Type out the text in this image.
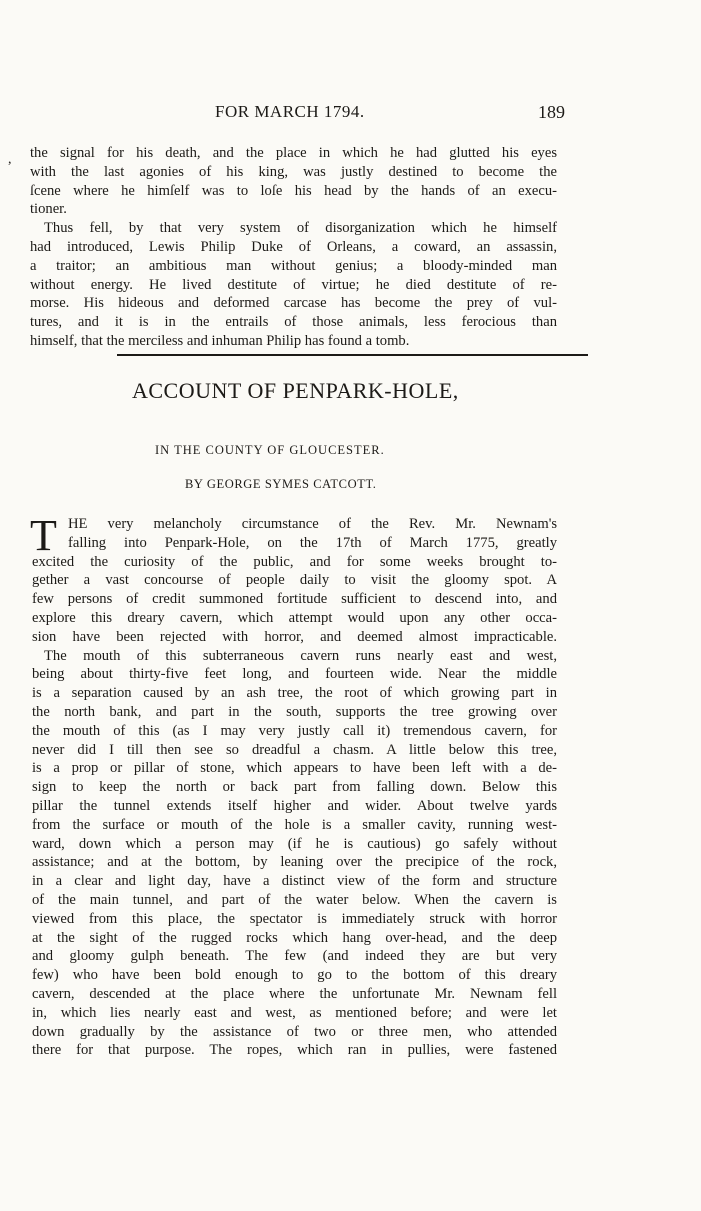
FOR MARCH 1794.	189
,	the signal for his death, and the place in which he had glutted his eyes
with the last agonies of his king, was justly destined to become the
ſcene where he himſelf was to loſe his head by the hands of an execu-
tioner.
Thus fell, by that very system of disorganization which he himself
had introduced, Lewis Philip Duke of Orleans, a coward, an assassin,
a traitor; an ambitious man without genius; a bloody-minded man
without energy. He lived destitute of virtue; he died destitute of re-
morse. His hideous and deformed carcase has become the prey of vul-
tures, and it is in the entrails of those animals, less ferocious than
himself, that the merciless and inhuman Philip has found a tomb.
ACCOUNT OF PENPARK-HOLE,
IN THE COUNTY OF GLOUCESTER.
BY GEORGE SYMES CATCOTT.
T HE very melancholy circumstance of the Rev. Mr. Newnam's
falling into Penpark-Hole, on the 17th of March 1775, greatly
excited the curiosity of the public, and for some weeks brought to-
gether a vast concourse of people daily to visit the gloomy spot. A
few persons of credit summoned fortitude sufficient to descend into, and
explore this dreary cavern, which attempt would upon any other occa-
sion have been rejected with horror, and deemed almost impracticable.
The mouth of this subterraneous cavern runs nearly east and west,
being about thirty-five feet long, and fourteen wide. Near the middle
is a separation caused by an ash tree, the root of which growing part in
the north bank, and part in the south, supports the tree growing over
the mouth of this (as I may very justly call it) tremendous cavern, for
never did I till then see so dreadful a chasm. A little below this tree,
is a prop or pillar of stone, which appears to have been left with a de-
sign to keep the north or back part from falling down. Below this
pillar the tunnel extends itself higher and wider. About twelve yards
from the surface or mouth of the hole is a smaller cavity, running west-
ward, down which a person may (if he is cautious) go safely without
assistance; and at the bottom, by leaning over the precipice of the rock,
in a clear and light day, have a distinct view of the form and structure
of the main tunnel, and part of the water below. When the cavern is
viewed from this place, the spectator is immediately struck with horror
at the sight of the rugged rocks which hang over-head, and the deep
and gloomy gulph beneath. The few (and indeed they are but very
few) who have been bold enough to go to the bottom of this dreary
cavern, descended at the place where the unfortunate Mr. Newnam fell
in, which lies nearly east and west, as mentioned before; and were let
down gradually by the assistance of two or three men, who attended
there for that purpose. The ropes, which ran in pullies, were fastened
